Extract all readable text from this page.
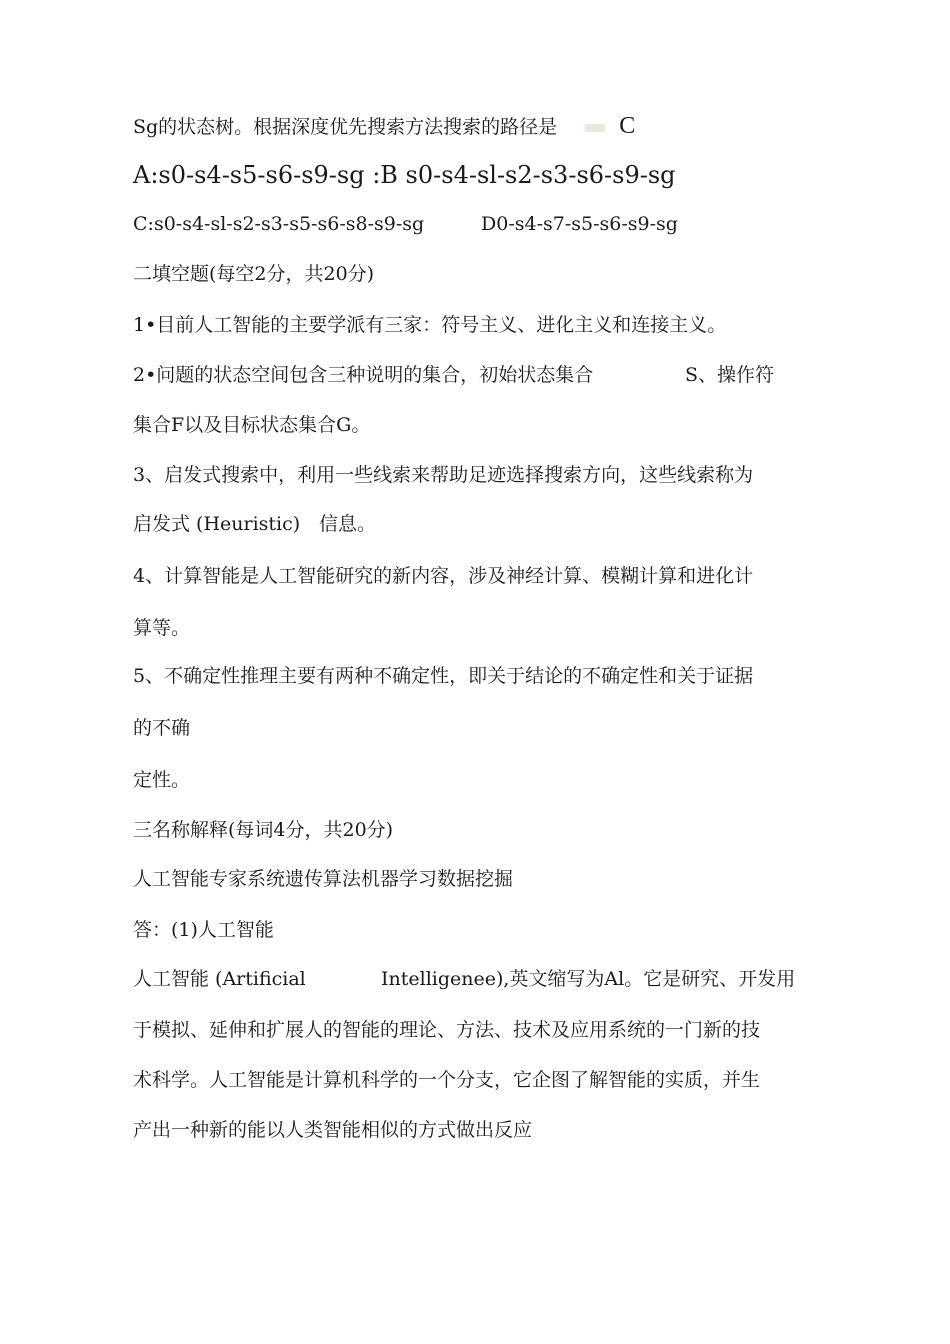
Sg的状态树。根据深度优先搜索方法搜索的路径是	C
A:s0-s4-s5-s6-s9-sg :B s0-s4-sl-s2-s3-s6-s9-sg
C:s0-s4-sl-s2-s3-s5-s6-s8-s9-sg	D0-s4-s7-s5-s6-s9-sg
二填空题(每空2分，共20分)
1•目前人工智能的主要学派有三家：符号主义、进化主义和连接主义。
2•问题的状态空间包含三种说明的集合，初始状态集合	S、操作符
集合F以及目标状态集合G。
3、启发式搜索中，利用一些线索来帮助足迹选择搜索方向，这些线索称为
启发式 (Heuristic) 信息。
4、计算智能是人工智能研究的新内容，涉及神经计算、模糊计算和进化计
算等。
5、不确定性推理主要有两种不确定性，即关于结论的不确定性和关于证据
的不确
定性。
三名称解释(每词4分，共20分)
人工智能专家系统遗传算法机器学习数据挖掘
答：(1)人工智能
人工智能 (Artificial	Intelligenee),英文缩写为Al。它是研究、开发用
于模拟、延伸和扩展人的智能的理论、方法、技术及应用系统的一门新的技
术科学。人工智能是计算机科学的一个分支，它企图了解智能的实质，并生
产出一种新的能以人类智能相似的方式做出反应
